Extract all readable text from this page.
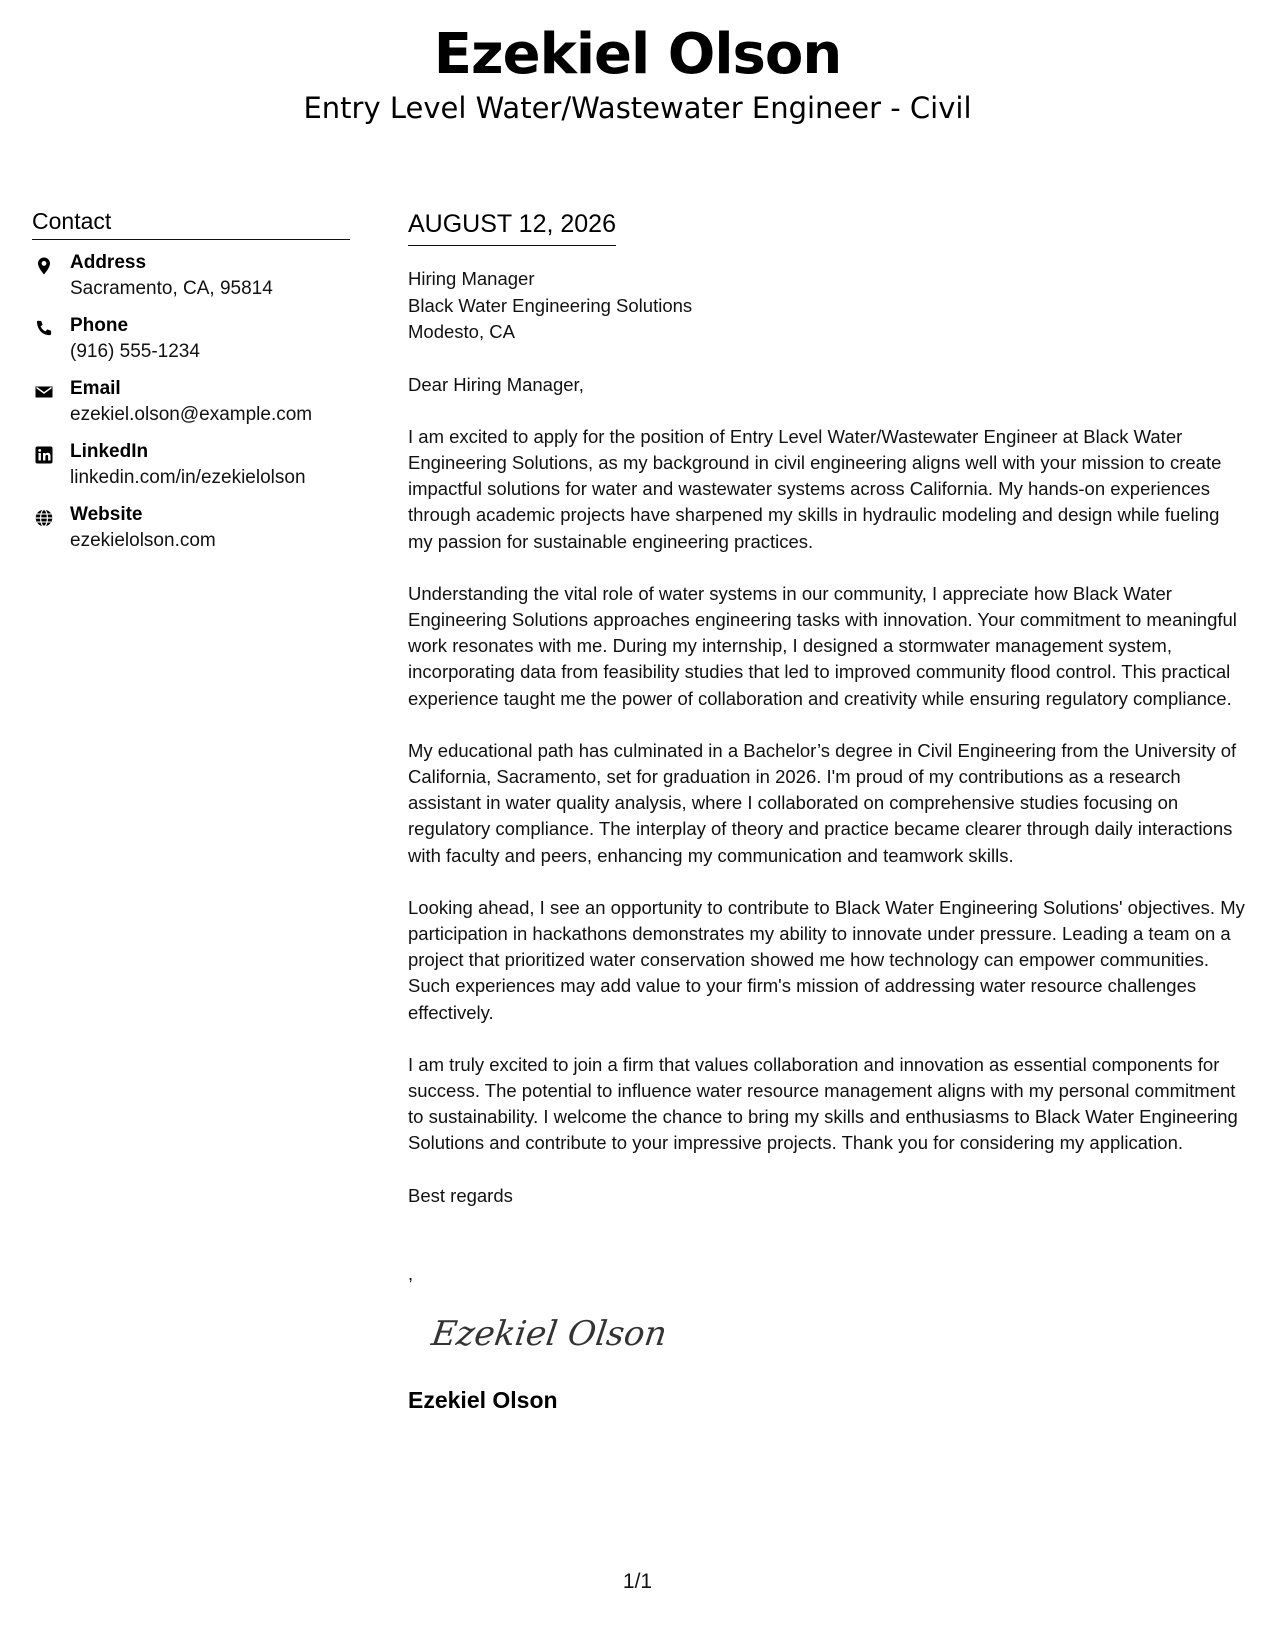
Ezekiel Olson
Entry Level Water/Wastewater Engineer - Civil
Contact
Address
Sacramento, CA, 95814
Phone
(916) 555-1234
Email
ezekiel.olson@example.com
LinkedIn
linkedin.com/in/ezekielolson
Website
ezekielolson.com
AUGUST 12, 2026
Hiring Manager
Black Water Engineering Solutions
Modesto, CA
Dear Hiring Manager,
I am excited to apply for the position of Entry Level Water/Wastewater Engineer at Black Water Engineering Solutions, as my background in civil engineering aligns well with your mission to create impactful solutions for water and wastewater systems across California. My hands-on experiences through academic projects have sharpened my skills in hydraulic modeling and design while fueling my passion for sustainable engineering practices.
Understanding the vital role of water systems in our community, I appreciate how Black Water Engineering Solutions approaches engineering tasks with innovation. Your commitment to meaningful work resonates with me. During my internship, I designed a stormwater management system, incorporating data from feasibility studies that led to improved community flood control. This practical experience taught me the power of collaboration and creativity while ensuring regulatory compliance.
My educational path has culminated in a Bachelor’s degree in Civil Engineering from the University of California, Sacramento, set for graduation in 2026. I'm proud of my contributions as a research assistant in water quality analysis, where I collaborated on comprehensive studies focusing on regulatory compliance. The interplay of theory and practice became clearer through daily interactions with faculty and peers, enhancing my communication and teamwork skills.
Looking ahead, I see an opportunity to contribute to Black Water Engineering Solutions' objectives. My participation in hackathons demonstrates my ability to innovate under pressure. Leading a team on a project that prioritized water conservation showed me how technology can empower communities. Such experiences may add value to your firm's mission of addressing water resource challenges effectively.
I am truly excited to join a firm that values collaboration and innovation as essential components for success. The potential to influence water resource management aligns with my personal commitment to sustainability. I welcome the chance to bring my skills and enthusiasms to Black Water Engineering Solutions and contribute to your impressive projects. Thank you for considering my application.
Best regards
,
Ezekiel Olson
Ezekiel Olson
1/1
